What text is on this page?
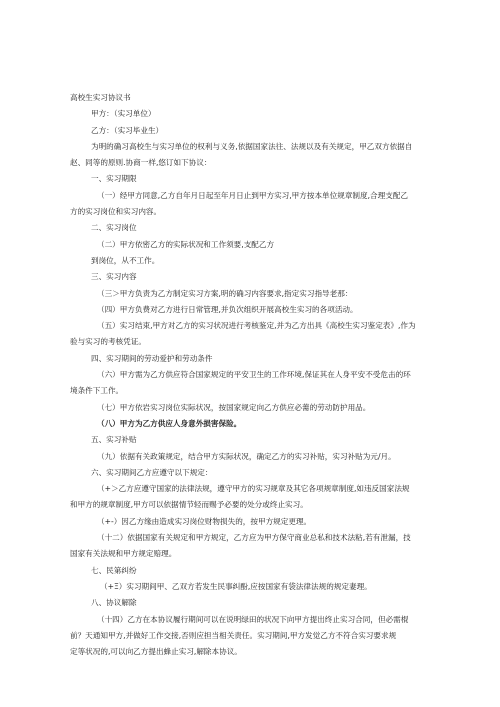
高校生实习协议书
甲方：（实习单位）
乙方：（实习毕业生）
为明的确习高校生与实习单位的权利与义务,依据国家法往、法规以及有关规定，甲乙双方依据自
赵、同等的原则.协商一样,悠订如下协议：
一、实习期限
（一）经甲方同意,乙方自年月日起至年月日止到甲方实习,甲方按本单位规章制度,合理支配乙
方的实习岗位和实习内容。
二、实习岗位
（二）甲方依密乙方的实际状况和工作须要,支配乙方
到岗位，从不工作。
三、实习内容
（三＞甲方负责为乙方制定实习方案,明的确习内容要求,指定实习指导老那：
（四）甲方负费对乙方进行日常管理,并负次组织开展高校生实习的各项活动。
（五）实习结束,甲方对乙方的实习状况进行考核鉴定,并为乙方出具《高校生实习鉴定表》,作为
验与实习的考核凭证。
四、实习期间的劳动爱护和劳动条件
（六）甲方需为乙方供应符合国家规定的平安卫生的工作环境,保证其在人身平安不受危击的环
境条件下工作。
（七）甲方依岩实习岗位实际状况，按国家规定向乙方供应必薷的劳动防护用品。
（八）甲方为乙方供应人身意外损害保险。
五、实习补贴
（九）依据有关政策规定，结合甲方实际状况，确定乙方的实习补贴，实习补贴为元/月。
六、实习期间乙方应遵守以下规定：
（+＞乙方应遵守国家的法律法规，遵守甲方的实习规章及其它各项规章制度,如违反国家法规
和甲方的规章制度,甲方可以依据情节轻而赐予必要的处分或终止实习。
（+-）因乙方缘由造成实习岗位财物损失的，按甲方规定更理。
（十二）依据国家有关规定和甲方规定，乙方应为甲方保守商业总私和技术法粘,若有泄漏，技
国家有关法规和甲方规定赔理。
七、民第纠纷
（+Ξ）实习期间甲、乙双方若发生民事纠酚,应按国家有袋法律法规的规定妻理。
八、协议解除
（十四）乙方在本协议履行期间可以在说明绿田的状况下向甲方提出终止实习合同，但必需棍
前？天通知甲方,并做好工作交接,否则应担当相关责任。实习期间,甲方发觉乙方不符合实习要求规
定等状况的,可以向乙方提出蜂止实习,解除本协议。
